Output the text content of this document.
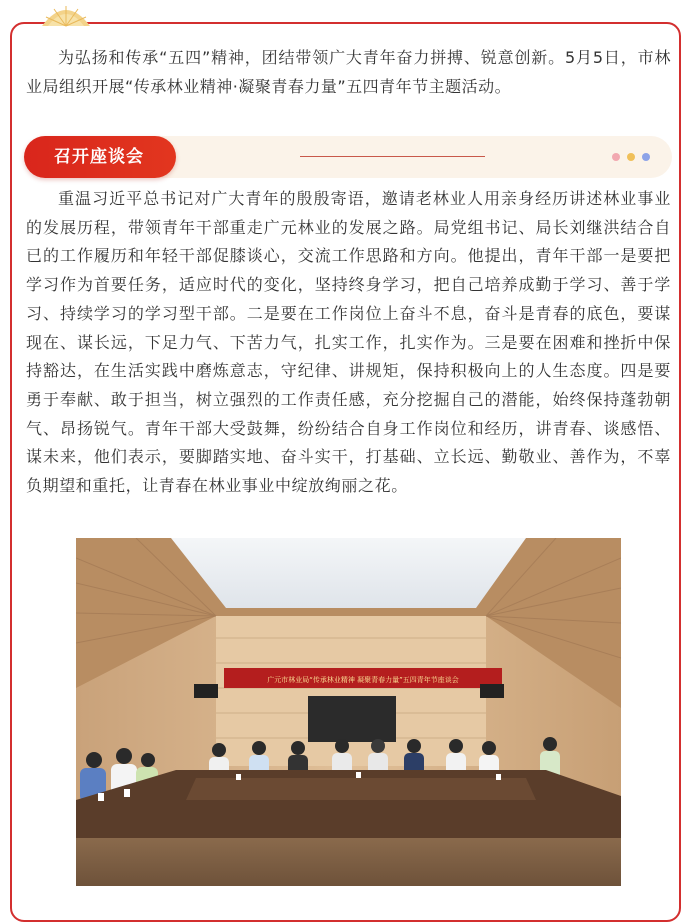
为弘扬和传承“五四”精神，团结带领广大青年奋力拼搏、锐意创新。5月5日，市林业局组织开展“传承林业精神·凝聚青春力量”五四青年节主题活动。

召开座谈会

重温习近平总书记对广大青年的殷殷寄语，邀请老林业人用亲身经历讲述林业事业的发展历程，带领青年干部重走广元林业的发展之路。局党组书记、局长刘继洪结合自已的工作履历和年轻干部促膝谈心，交流工作思路和方向。他提出，青年干部一是要把学习作为首要任务，适应时代的变化，坚持终身学习，把自己培养成勤于学习、善于学习、持续学习的学习型干部。二是要在工作岗位上奋斗不息，奋斗是青春的底色，要谋现在、谋长远，下足力气、下苦力气，扎实工作，扎实作为。三是要在困难和挫折中保持豁达，在生活实践中磨炼意志，守纪律、讲规矩，保持积极向上的人生态度。四是要勇于奉献、敢于担当，树立强烈的工作责任感，充分挖掘自己的潜能，始终保持蓬勃朝气、昂扬锐气。青年干部大受鼓舞，纷纷结合自身工作岗位和经历，讲青春、谈感悟、谋未来，他们表示，要脚踏实地、奋斗实干，打基础、立长远、勤敬业、善作为，不辜负期望和重托，让青春在林业事业中绽放绚丽之花。

广元市林业局“传承林业精神 凝聚青春力量”五四青年节座谈会
